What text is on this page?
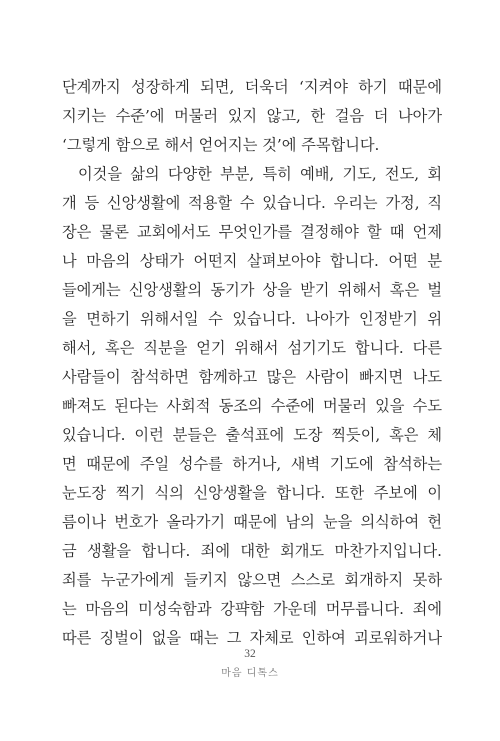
단계까지 성장하게 되면, 더욱더 ‘지켜야 하기 때문에
지키는 수준’에 머물러 있지 않고, 한 걸음 더 나아가
‘그렇게 함으로 해서 얻어지는 것’에 주목합니다.
이것을 삶의 다양한 부분, 특히 예배, 기도, 전도, 회
개 등 신앙생활에 적용할 수 있습니다. 우리는 가정, 직
장은 물론 교회에서도 무엇인가를 결정해야 할 때 언제
나 마음의 상태가 어떤지 살펴보아야 합니다. 어떤 분
들에게는 신앙생활의 동기가 상을 받기 위해서 혹은 벌
을 면하기 위해서일 수 있습니다. 나아가 인정받기 위
해서, 혹은 직분을 얻기 위해서 섬기기도 합니다. 다른
사람들이 참석하면 함께하고 많은 사람이 빠지면 나도
빠져도 된다는 사회적 동조의 수준에 머물러 있을 수도
있습니다. 이런 분들은 출석표에 도장 찍듯이, 혹은 체
면 때문에 주일 성수를 하거나, 새벽 기도에 참석하는
눈도장 찍기 식의 신앙생활을 합니다. 또한 주보에 이
름이나 번호가 올라가기 때문에 남의 눈을 의식하여 헌
금 생활을 합니다. 죄에 대한 회개도 마찬가지입니다.
죄를 누군가에게 들키지 않으면 스스로 회개하지 못하
는 마음의 미성숙함과 강퍅함 가운데 머무릅니다. 죄에
따른 징벌이 없을 때는 그 자체로 인하여 괴로워하거나
32
마음 디톡스
